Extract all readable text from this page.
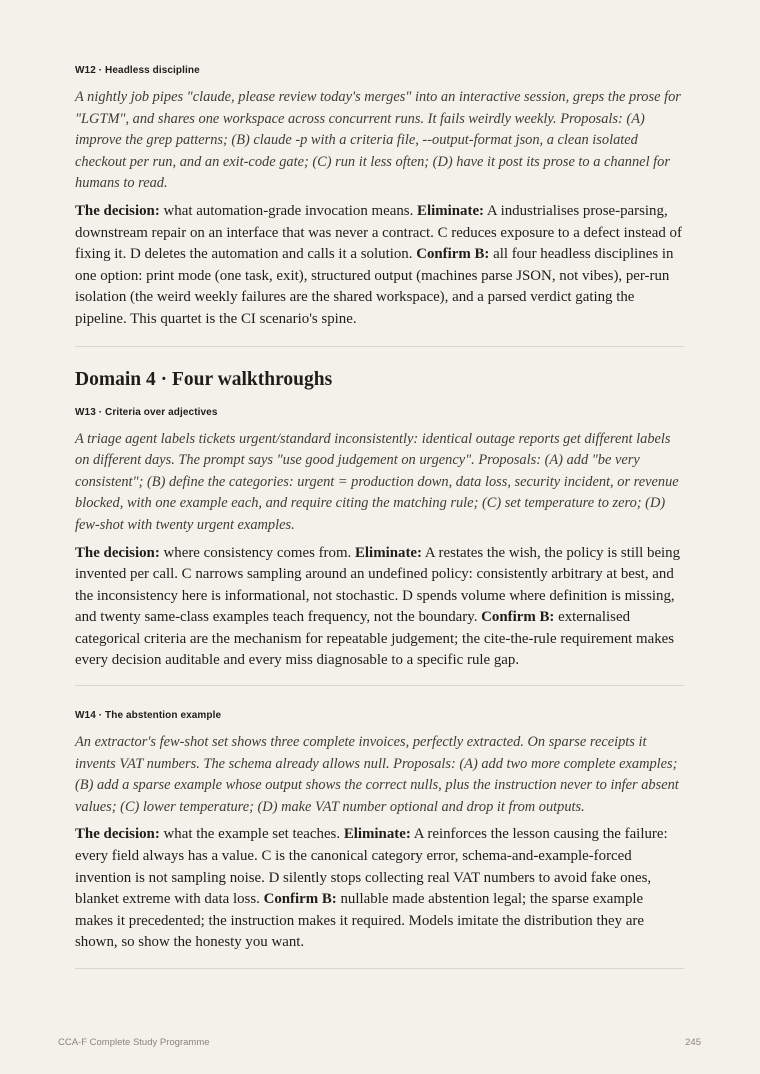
W12 · Headless discipline

A nightly job pipes "claude, please review today's merges" into an interactive session, greps the prose for "LGTM", and shares one workspace across concurrent runs. It fails weirdly weekly. Proposals: (A) improve the grep patterns; (B) claude -p with a criteria file, --output-format json, a clean isolated checkout per run, and an exit-code gate; (C) run it less often; (D) have it post its prose to a channel for humans to read.

The decision: what automation-grade invocation means. Eliminate: A industrialises prose-parsing, downstream repair on an interface that was never a contract. C reduces exposure to a defect instead of fixing it. D deletes the automation and calls it a solution. Confirm B: all four headless disciplines in one option: print mode (one task, exit), structured output (machines parse JSON, not vibes), per-run isolation (the weird weekly failures are the shared workspace), and a parsed verdict gating the pipeline. This quartet is the CI scenario's spine.

Domain 4 · Four walkthroughs

W13 · Criteria over adjectives

A triage agent labels tickets urgent/standard inconsistently: identical outage reports get different labels on different days. The prompt says "use good judgement on urgency". Proposals: (A) add "be very consistent"; (B) define the categories: urgent = production down, data loss, security incident, or revenue blocked, with one example each, and require citing the matching rule; (C) set temperature to zero; (D) few-shot with twenty urgent examples.

The decision: where consistency comes from. Eliminate: A restates the wish, the policy is still being invented per call. C narrows sampling around an undefined policy: consistently arbitrary at best, and the inconsistency here is informational, not stochastic. D spends volume where definition is missing, and twenty same-class examples teach frequency, not the boundary. Confirm B: externalised categorical criteria are the mechanism for repeatable judgement; the cite-the-rule requirement makes every decision auditable and every miss diagnosable to a specific rule gap.

W14 · The abstention example

An extractor's few-shot set shows three complete invoices, perfectly extracted. On sparse receipts it invents VAT numbers. The schema already allows null. Proposals: (A) add two more complete examples; (B) add a sparse example whose output shows the correct nulls, plus the instruction never to infer absent values; (C) lower temperature; (D) make VAT number optional and drop it from outputs.

The decision: what the example set teaches. Eliminate: A reinforces the lesson causing the failure: every field always has a value. C is the canonical category error, schema-and-example-forced invention is not sampling noise. D silently stops collecting real VAT numbers to avoid fake ones, blanket extreme with data loss. Confirm B: nullable made abstention legal; the sparse example makes it precedented; the instruction makes it required. Models imitate the distribution they are shown, so show the honesty you want.

CCA-F Complete Study Programme	245
